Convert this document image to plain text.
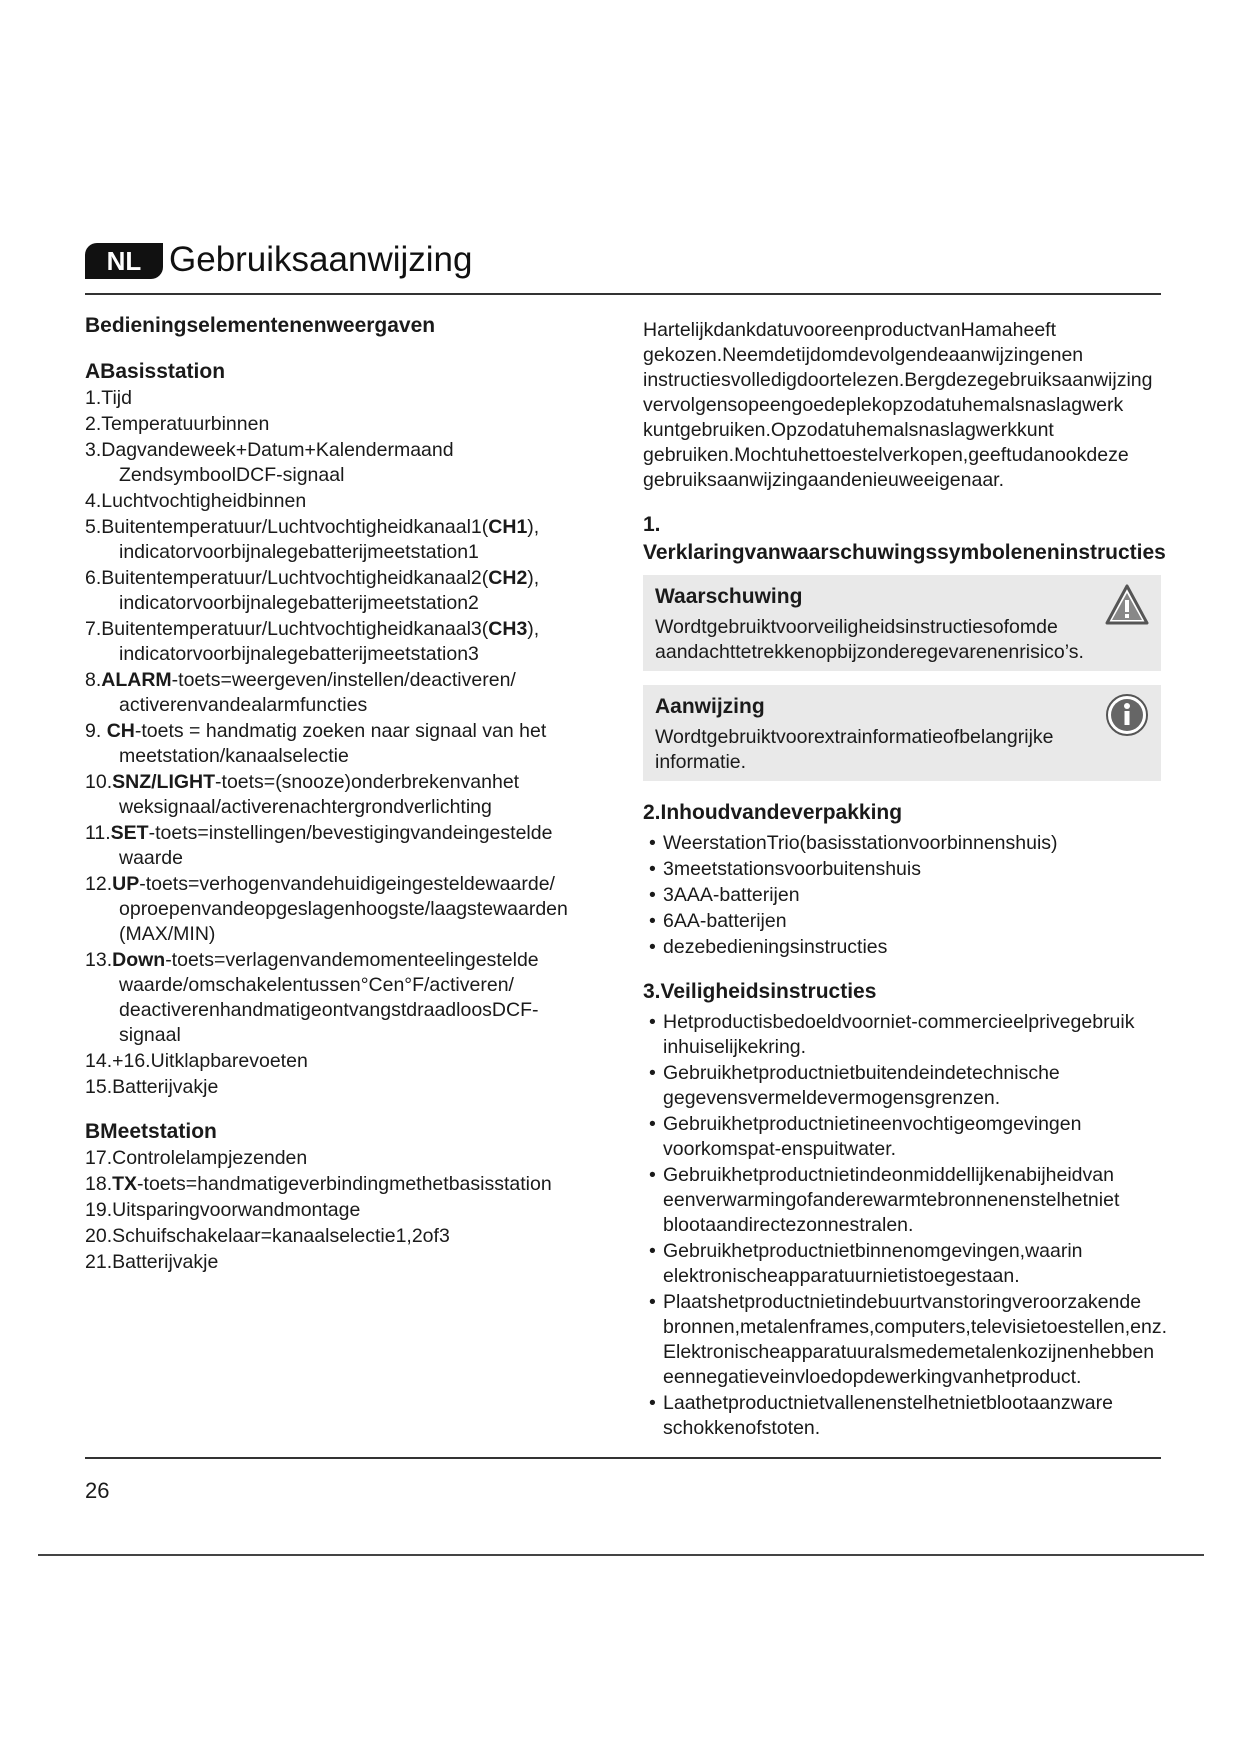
NL Gebruiksaanwijzing
Bedieningselementenenweergaven
ABasisstation
1.Tijd
2.Temperatuurbinnen
3.Dagvandeweek+Datum+Kalendermaand ZendsymboolDCF-signaal
4.Luchtvochtigheidbinnen
5.Buitentemperatuur/Luchtvochtigheidkanaal1(CH1), indicatorvoorbijnalegebatterijmeetstation1
6.Buitentemperatuur/Luchtvochtigheidkanaal2(CH2), indicatorvoorbijnalegebatterijmeetstation2
7.Buitentemperatuur/Luchtvochtigheidkanaal3(CH3), indicatorvoorbijnalegebatterijmeetstation3
8.ALARM-toets=weergeven/instellen/deactiveren/ activerenvandealarmfuncties
9. CH-toets = handmatig zoeken naar signaal van het meetstation/kanaalselectie
10.SNZ/LIGHT-toets=(snooze)onderbrekenvanhet weksignaal/activerenachtergrondverlichting
11.SET-toets=instellingen/bevestigingvandeingestelde waarde
12.UP-toets=verhogenvandehuidigeingesteldewaarde/ oproepenvandeopgeslagenhoogste/laagstewaarden (MAX/MIN)
13.Down-toets=verlagenvandemomenteelingestelde waarde/omschakelentussen°Cen°F/activeren/ deactiverenhandmatigeontvangstdraadloosDCF- signaal
14.+16.Uitklapbarevoeten
15.Batterijvakje
BMeetstation
17.Controlelampjezenden
18.TX-toets=handmatigeverbindingmethetbasisstation
19.Uitsparingvoorwandmontage
20.Schuifschakelaar=kanaalselectie1,2of3
21.Batterijvakje

HartelijkdankdatuvooreenproductvanHamaheeft gekozen.Neemdetijdomdevolgendeaanwijzingenen instructiesvolledigdoortelezen.Bergdezegebruiksaanwijzing vervolgensopeengoedeplekopzodatuhemalsnaslagwerk kuntgebruiken.Opzodatuhemalsnaslagwerkkunt gebruiken.Mochtuhettoestelverkopen,geeftudanookdeze gebruiksaanwijzingaandenieuweeigenaar.

1. Verklaringvanwaarschuwingssymboleneninstructies
Waarschuwing

Wordtgebruiktvoorveiligheidsinstructiesofomde aandachttetrekkenopbijzonderegevarenenrisico’s.

Aanwijzing

Wordtgebruiktvoorextrainformatieofbelangrijke informatie.

2.Inhoudvandeverpakking
• WeerstationTrio(basisstationvoorbinnenshuis)
• 3meetstationsvoorbuitenshuis
• 3AAA-batterijen
• 6AA-batterijen
• dezebedieningsinstructies
3.Veiligheidsinstructies
• Hetproductisbedoeldvoorniet-commercieelprivegebruik inhuiselijkekring.
• Gebruikhetproductnietbuitendeindetechnische gegevensvermeldevermogensgrenzen.
• Gebruikhetproductnietineenvochtigeomgevingen voorkomspat-enspuitwater.
• Gebruikhetproductnietindeonmiddellijkenabijheidvan eenverwarmingofanderewarmtebronnenenstelhetniet blootaandirectezonnestralen.
• Gebruikhetproductnietbinnenomgevingen,waarin elektronischeapparatuurnietistoegestaan.
• Plaatshetproductnietindebuurtvanstoringveroorzakende bronnen,metalenframes,computers,televisietoestellen,enz. Elektronischeapparatuuralsmedemetalenkozijnenhebben eennegatieveinvloedopdewerkingvanhetproduct.
• Laathetproductnietvallenenstelhetnietblootaanzware schokkenofstoten.
26
